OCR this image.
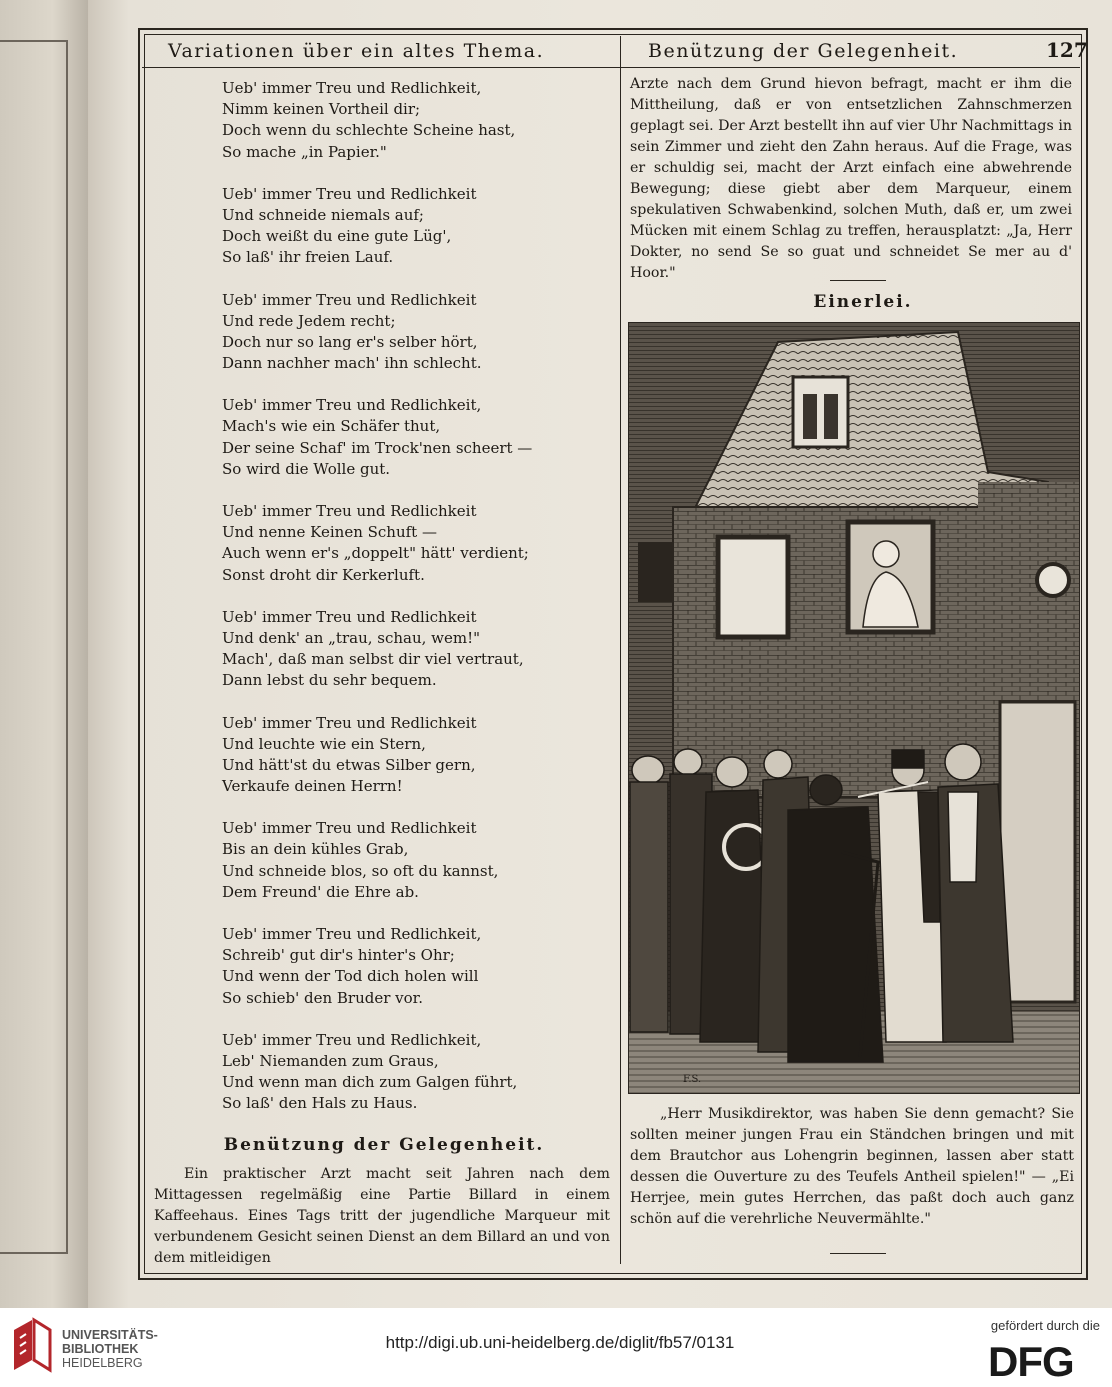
Variationen über ein altes Thema.	Benützung der Gelegenheit.	127
Ueb' immer Treu und Redlichkeit,
Nimm keinen Vortheil dir;
Doch wenn du schlechte Scheine hast,
So mache „in Papier."
Ueb' immer Treu und Redlichkeit
Und schneide niemals auf;
Doch weißt du eine gute Lüg',
So laß' ihr freien Lauf.
Ueb' immer Treu und Redlichkeit
Und rede Jedem recht;
Doch nur so lang er's selber hört,
Dann nachher mach' ihn schlecht.
Ueb' immer Treu und Redlichkeit,
Mach's wie ein Schäfer thut,
Der seine Schaf' im Trock'nen scheert —
So wird die Wolle gut.
Ueb' immer Treu und Redlichkeit
Und nenne Keinen Schuft —
Auch wenn er's „doppelt" hätt' verdient;
Sonst droht dir Kerkerluft.
Ueb' immer Treu und Redlichkeit
Und denk' an „trau, schau, wem!"
Mach', daß man selbst dir viel vertraut,
Dann lebst du sehr bequem.
Ueb' immer Treu und Redlichkeit
Und leuchte wie ein Stern,
Und hätt'st du etwas Silber gern,
Verkaufe deinen Herrn!
Ueb' immer Treu und Redlichkeit
Bis an dein kühles Grab,
Und schneide blos, so oft du kannst,
Dem Freund' die Ehre ab.
Ueb' immer Treu und Redlichkeit,
Schreib' gut dir's hinter's Ohr;
Und wenn der Tod dich holen will
So schieb' den Bruder vor.
Ueb' immer Treu und Redlichkeit,
Leb' Niemanden zum Graus,
Und wenn man dich zum Galgen führt,
So laß' den Hals zu Haus.
Benützung der Gelegenheit.
Ein praktischer Arzt macht seit Jahren nach dem Mittagessen regelmäßig eine Partie Billard in einem Kaffeehaus. Eines Tags tritt der jugendliche Marqueur mit verbundenem Gesicht seinen Dienst an dem Billard an und von dem mitleidigen
Arzte nach dem Grund hievon befragt, macht er ihm die Mittheilung, daß er von entsetzlichen Zahnschmerzen geplagt sei. Der Arzt bestellt ihn auf vier Uhr Nachmittags in sein Zimmer und zieht den Zahn heraus. Auf die Frage, was er schuldig sei, macht der Arzt einfach eine abwehrende Bewegung; diese giebt aber dem Marqueur, einem spekulativen Schwabenkind, solchen Muth, daß er, um zwei Mücken mit einem Schlag zu treffen, herausplatzt: „Ja, Herr Dokter, no send Se so guat und schneidet Se mer au d' Hoor."
Einerlei.
F.S.
„Herr Musikdirektor, was haben Sie denn gemacht? Sie sollten meiner jungen Frau ein Ständchen bringen und mit dem Brautchor aus Lohengrin beginnen, lassen aber statt dessen die Ouverture zu des Teufels Antheil spielen!" — „Ei Herrjee, mein gutes Herrchen, das paßt doch auch ganz schön auf die verehrliche Neuvermählte."
UNIVERSITÄTS-
BIBLIOTHEK
HEIDELBERG
http://digi.ub.uni-heidelberg.de/diglit/fb57/0131
gefördert durch die
DFG
